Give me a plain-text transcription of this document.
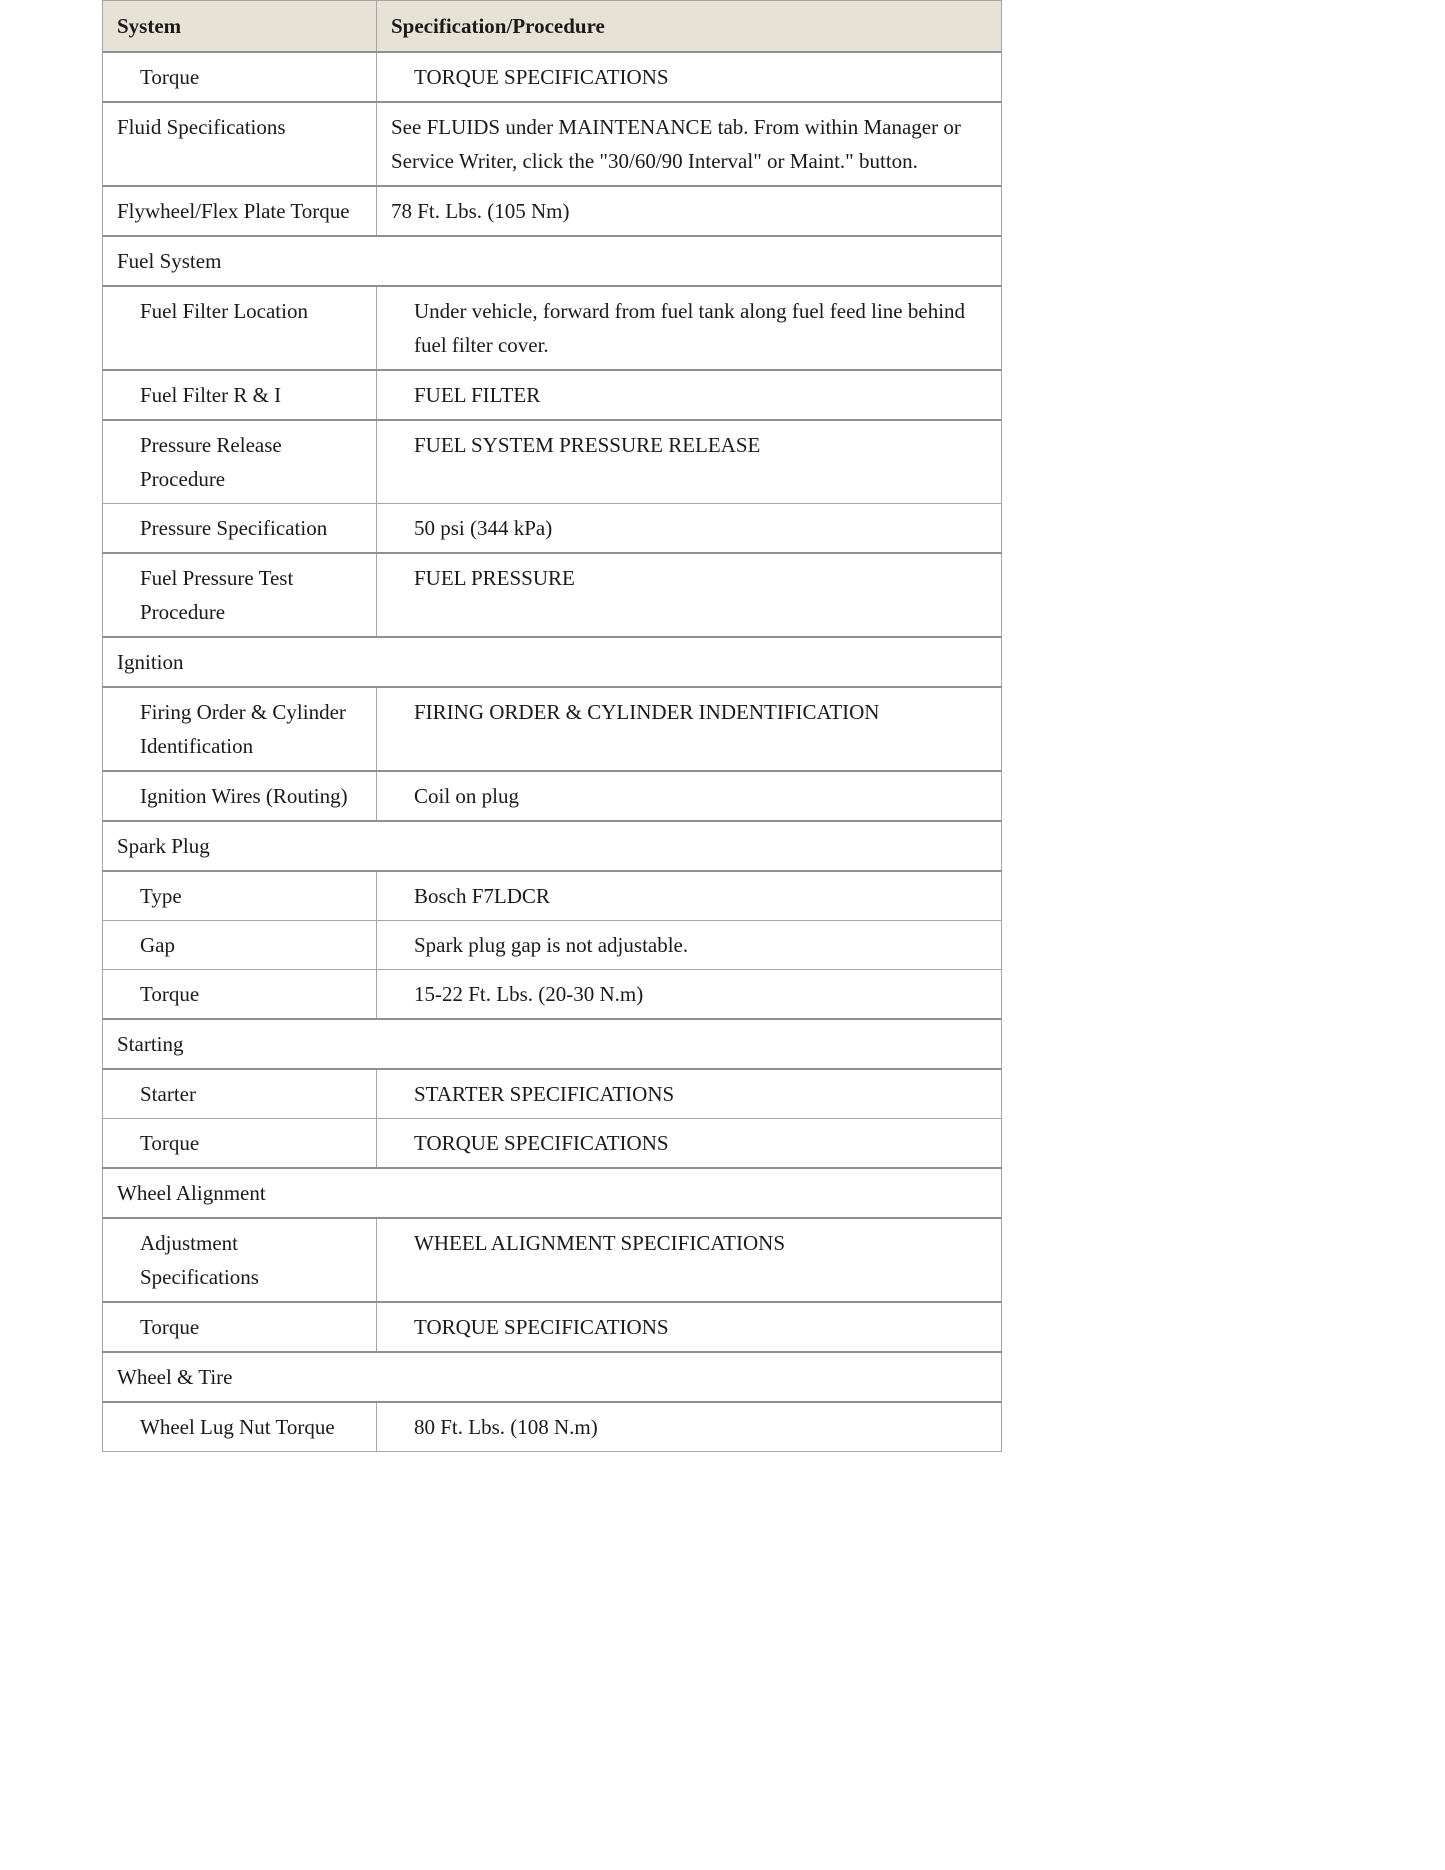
System	Specification/Procedure
Torque	TORQUE SPECIFICATIONS
Fluid Specifications	See FLUIDS under MAINTENANCE tab. From within Manager or Service Writer, click the "30/60/90 Interval" or Maint." button.
Flywheel/Flex Plate Torque	78 Ft. Lbs. (105 Nm)
Fuel System	
Fuel Filter Location	Under vehicle, forward from fuel tank along fuel feed line behind fuel filter cover.
Fuel Filter R & I	FUEL FILTER
Pressure Release Procedure	FUEL SYSTEM PRESSURE RELEASE
Pressure Specification	50 psi (344 kPa)
Fuel Pressure Test Procedure	FUEL PRESSURE
Ignition	
Firing Order & Cylinder Identification	FIRING ORDER & CYLINDER INDENTIFICATION
Ignition Wires (Routing)	Coil on plug
Spark Plug	
Type	Bosch F7LDCR
Gap	Spark plug gap is not adjustable.
Torque	15-22 Ft. Lbs. (20-30 N.m)
Starting	
Starter	STARTER SPECIFICATIONS
Torque	TORQUE SPECIFICATIONS
Wheel Alignment	
Adjustment Specifications	WHEEL ALIGNMENT SPECIFICATIONS
Torque	TORQUE SPECIFICATIONS
Wheel & Tire	
Wheel Lug Nut Torque	80 Ft. Lbs. (108 N.m)
